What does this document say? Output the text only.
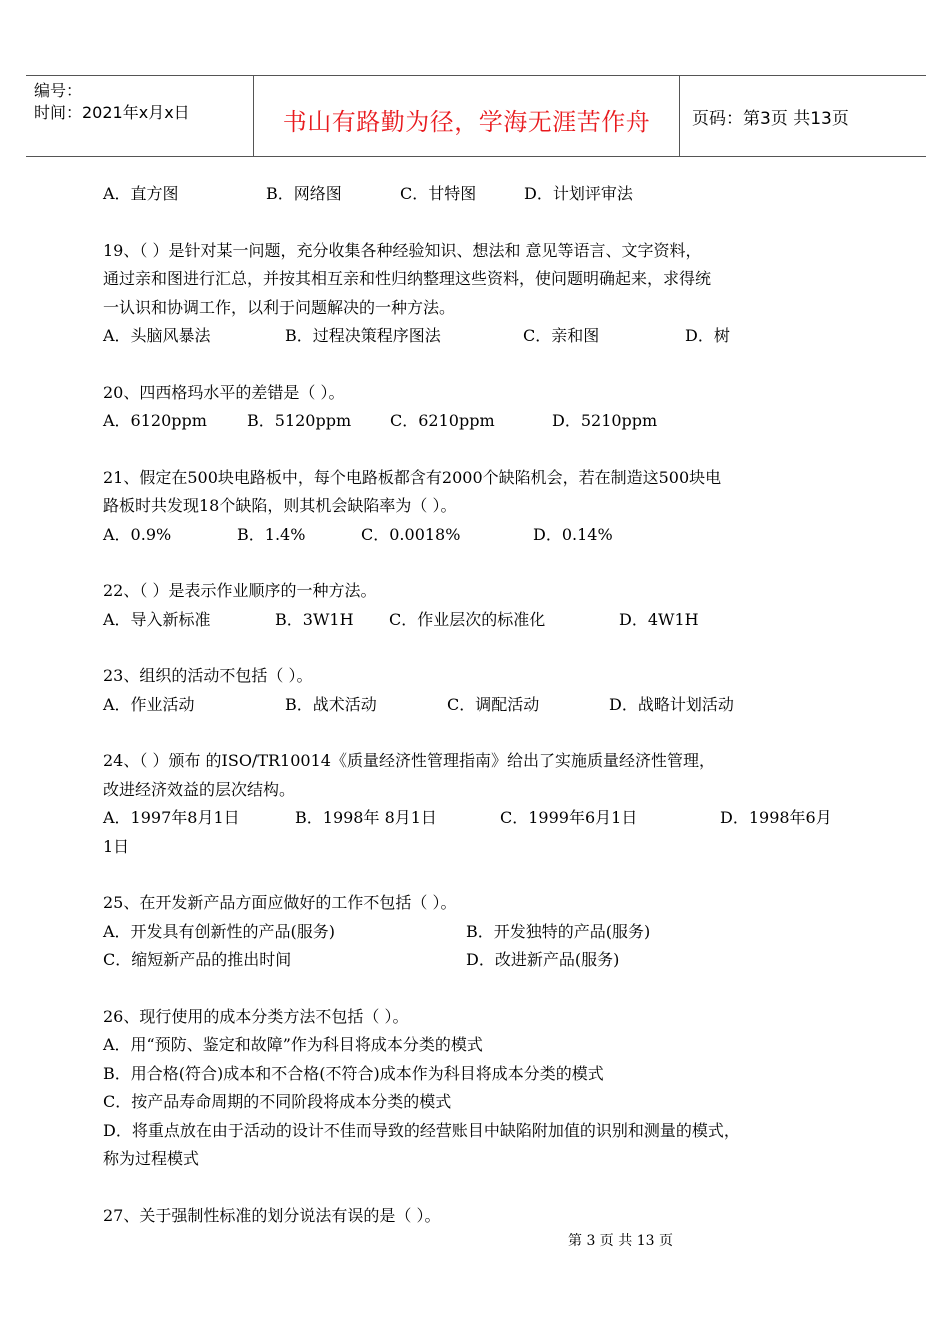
编号：
时间：2021年x月x日	书山有路勤为径，学海无涯苦作舟	页码：第3页 共13页
A．直方图	B．网络图	C．甘特图	D．计划评审法
19、（ ）是针对某一问题，充分收集各种经验知识、想法和 意见等语言、文字资料，
通过亲和图进行汇总，并按其相互亲和性归纳整理这些资料，使问题明确起来，求得统
一认识和协调工作，以利于问题解决的一种方法。
A．头脑风暴法	B．过程决策程序图法	C．亲和图	D．树
20、四西格玛水平的差错是（ ）。
A．6120ppm	B．5120ppm	C．6210ppm	D．5210ppm
21、假定在500块电路板中，每个电路板都含有2000个缺陷机会，若在制造这500块电
路板时共发现18个缺陷，则其机会缺陷率为（ ）。
A．0.9%	B．1.4%	C．0.0018%	D．0.14%
22、（ ）是表示作业顺序的一种方法。
A．导入新标准	B．3W1H	C．作业层次的标准化	D．4W1H
23、组织的活动不包括（ ）。
A．作业活动	B．战术活动	C．调配活动	D．战略计划活动
24、（ ）颁布 的ISO/TR10014《质量经济性管理指南》给出了实施质量经济性管理，
改进经济效益的层次结构。
A．1997年8月1日	B．1998年 8月1日	C．1999年6月1日	D．1998年6月
1日
25、在开发新产品方面应做好的工作不包括（ ）。
A．开发具有创新性的产品(服务)	B．开发独特的产品(服务)
C．缩短新产品的推出时间	D．改进新产品(服务)
26、现行使用的成本分类方法不包括（ ）。
A．用“预防、鉴定和故障”作为科目将成本分类的模式
B．用合格(符合)成本和不合格(不符合)成本作为科目将成本分类的模式
C．按产品寿命周期的不同阶段将成本分类的模式
D．将重点放在由于活动的设计不佳而导致的经营账目中缺陷附加值的识别和测量的模式，
称为过程模式
27、关于强制性标准的划分说法有误的是（ ）。
第 3 页 共 13 页
